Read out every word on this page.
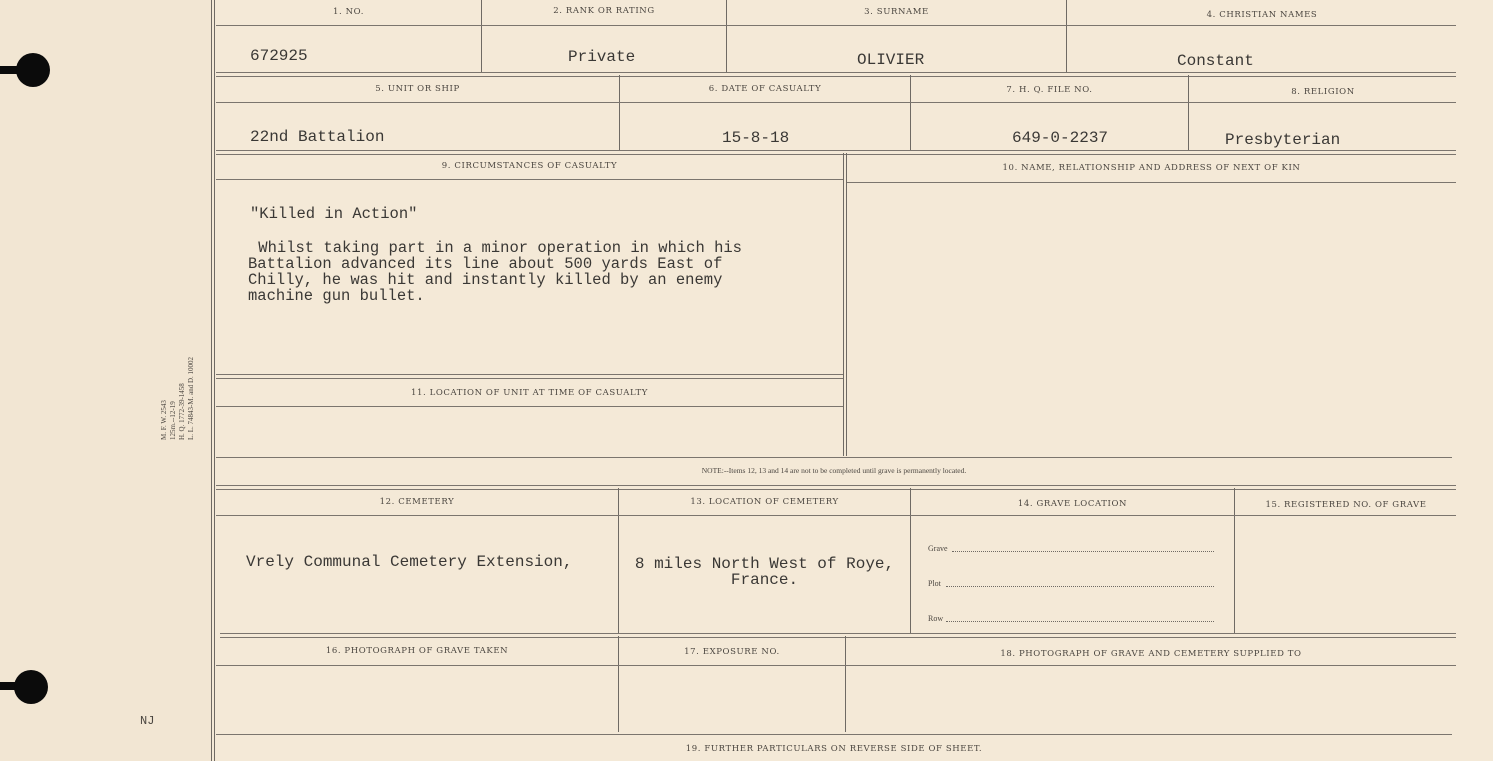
M. F. W. 2543 125m.--12-19 H. Q. 1772-39-1458 L. L. 74843-M. and D. 10002
NJ
1. NO.	2. RANK OR RATING	3. SURNAME	4. CHRISTIAN NAMES
672925	Private	OLIVIER	Constant
5. UNIT OR SHIP	6. DATE OF CASUALTY	7. H. Q. FILE NO.	8. RELIGION
22nd Battalion	15-8-18	649-0-2237	Presbyterian
9. CIRCUMSTANCES OF CASUALTY	10. NAME, RELATIONSHIP AND ADDRESS OF NEXT OF KIN
"Killed in Action"
Whilst taking part in a minor operation in which his
Battalion advanced its line about 500 yards East of
Chilly, he was hit and instantly killed by an enemy
machine gun bullet.
11. LOCATION OF UNIT AT TIME OF CASUALTY
NOTE:--Items 12, 13 and 14 are not to be completed until grave is permanently located.
12. CEMETERY	13. LOCATION OF CEMETERY	14. GRAVE LOCATION	15. REGISTERED NO. OF GRAVE
Vrely Communal Cemetery Extension,	8 miles North West of Roye,
France.
Grave
Plot
Row
16. PHOTOGRAPH OF GRAVE TAKEN	17. EXPOSURE NO.	18. PHOTOGRAPH OF GRAVE AND CEMETERY SUPPLIED TO
19. FURTHER PARTICULARS ON REVERSE SIDE OF SHEET.
